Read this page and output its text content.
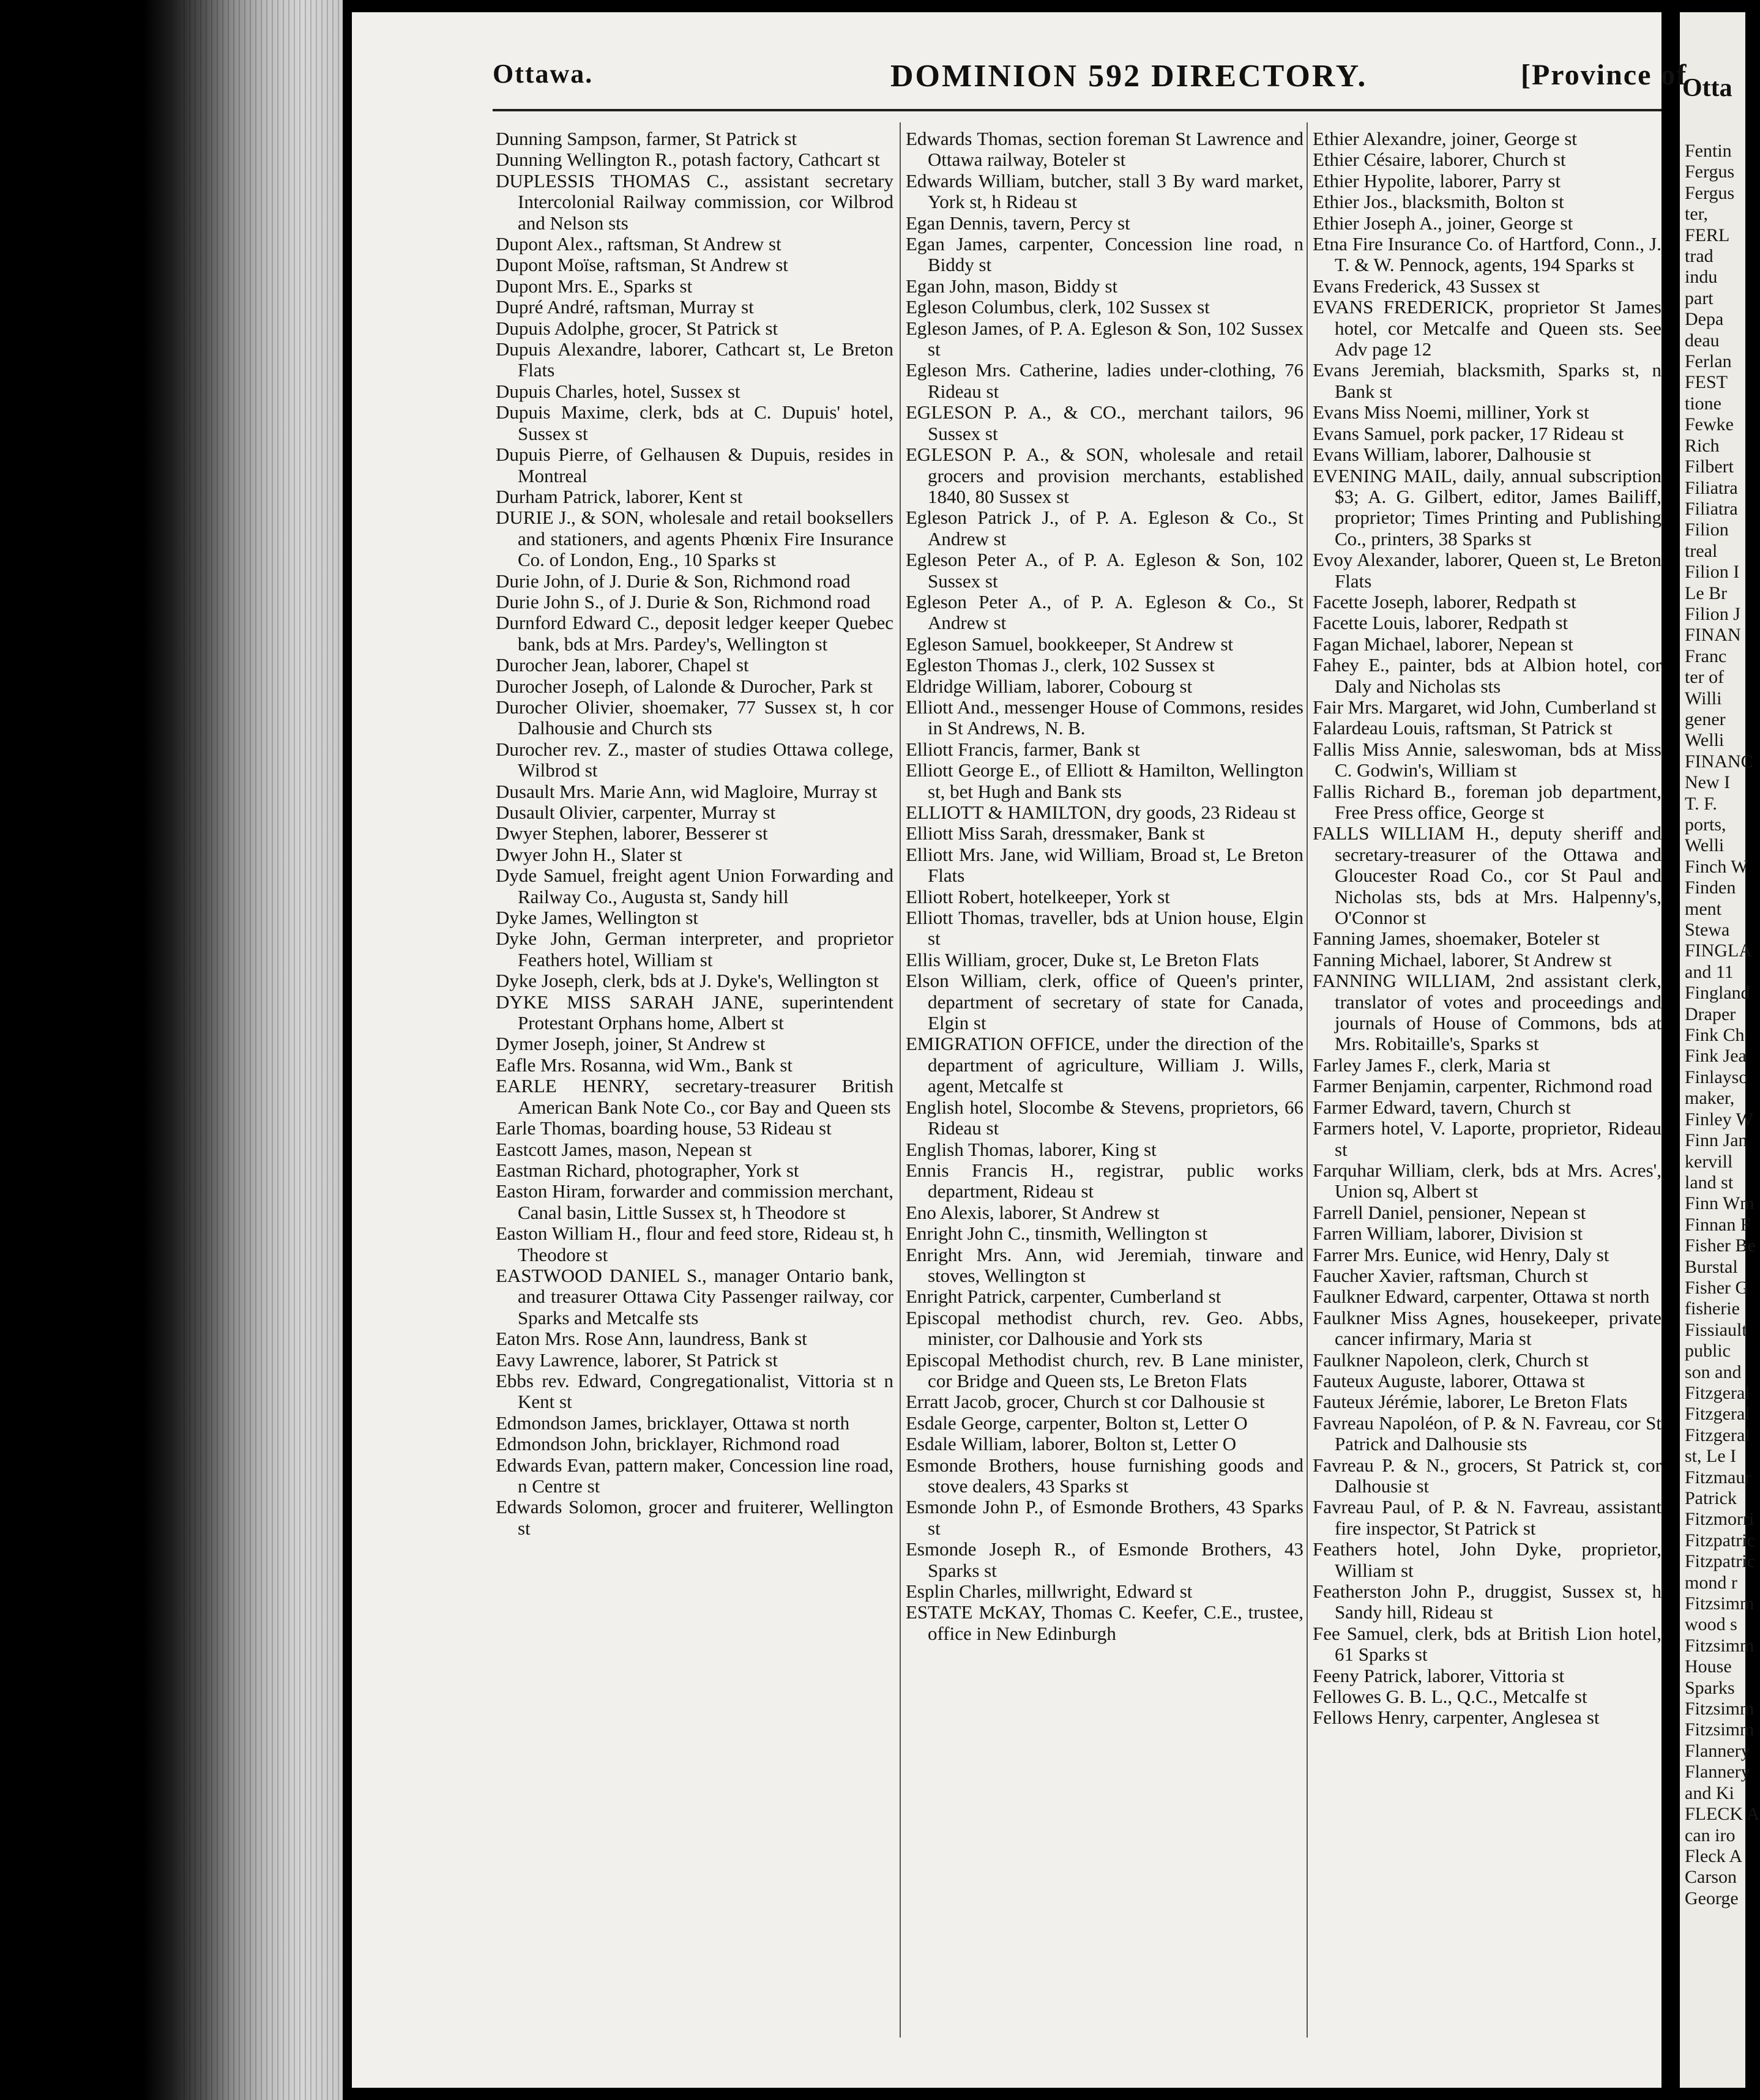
Otta
Fentin
Fergus
Fergus
ter,
FERL
trad
indu
part
Depa
deau
Ferlan
FEST
tione
Fewke
Rich
Filbert
Filiatra
Filiatra
Filion
treal
Filion I
Le Br
Filion J
FINAN
Franc
ter of
Willi
gener
Welli
FINANC
New I
T. F.
ports,
Welli
Finch W
Finden
ment
Stewa
FINGLA
and 11
Fingland
Draper
Fink Ch
Fink Jea
Finlayso
maker,
Finley W
Finn Jan
kervill
land st
Finn Wm
Finnan F
Fisher Be
Burstal
Fisher G
fisherie
Fissiault
public
son and
Fitzgeral
Fitzgeral
Fitzgeral
st, Le I
Fitzmaur
Patrick
Fitzmorri
Fitzpatric
Fitzpatric
mond r
Fitzsimm
wood s
Fitzsimm
House
Sparks
Fitzsimm
Fitzsimm
Flannery
Flannery
and Ki
FLECK A
can iro
Fleck A
Carson
George
Ottawa.	DOMINION 592 DIRECTORY.	[Province of

Dunning Sampson, farmer, St Patrick st

Dunning Wellington R., potash factory, Cathcart st

DUPLESSIS THOMAS C., assistant secretary Intercolonial Railway commission, cor Wilbrod and Nelson sts

Dupont Alex., raftsman, St Andrew st

Dupont Moïse, raftsman, St Andrew st

Dupont Mrs. E., Sparks st

Dupré André, raftsman, Murray st

Dupuis Adolphe, grocer, St Patrick st

Dupuis Alexandre, laborer, Cathcart st, Le Breton Flats

Dupuis Charles, hotel, Sussex st

Dupuis Maxime, clerk, bds at C. Dupuis' hotel, Sussex st

Dupuis Pierre, of Gelhausen & Dupuis, resides in Montreal

Durham Patrick, laborer, Kent st

DURIE J., & SON, wholesale and retail booksellers and stationers, and agents Phœnix Fire Insurance Co. of London, Eng., 10 Sparks st

Durie John, of J. Durie & Son, Richmond road

Durie John S., of J. Durie & Son, Richmond road

Durnford Edward C., deposit ledger keeper Quebec bank, bds at Mrs. Pardey's, Wellington st

Durocher Jean, laborer, Chapel st

Durocher Joseph, of Lalonde & Durocher, Park st

Durocher Olivier, shoemaker, 77 Sussex st, h cor Dalhousie and Church sts

Durocher rev. Z., master of studies Ottawa college, Wilbrod st

Dusault Mrs. Marie Ann, wid Magloire, Murray st

Dusault Olivier, carpenter, Murray st

Dwyer Stephen, laborer, Besserer st

Dwyer John H., Slater st

Dyde Samuel, freight agent Union Forwarding and Railway Co., Augusta st, Sandy hill

Dyke James, Wellington st

Dyke John, German interpreter, and proprietor Feathers hotel, William st

Dyke Joseph, clerk, bds at J. Dyke's, Wellington st

DYKE MISS SARAH JANE, superintendent Protestant Orphans home, Albert st

Dymer Joseph, joiner, St Andrew st

Eafle Mrs. Rosanna, wid Wm., Bank st

EARLE HENRY, secretary-treasurer British American Bank Note Co., cor Bay and Queen sts

Earle Thomas, boarding house, 53 Rideau st

Eastcott James, mason, Nepean st

Eastman Richard, photographer, York st

Easton Hiram, forwarder and commission merchant, Canal basin, Little Sussex st, h Theodore st

Easton William H., flour and feed store, Rideau st, h Theodore st

EASTWOOD DANIEL S., manager Ontario bank, and treasurer Ottawa City Passenger railway, cor Sparks and Metcalfe sts

Eaton Mrs. Rose Ann, laundress, Bank st

Eavy Lawrence, laborer, St Patrick st

Ebbs rev. Edward, Congregationalist, Vittoria st n Kent st

Edmondson James, bricklayer, Ottawa st north

Edmondson John, bricklayer, Richmond road

Edwards Evan, pattern maker, Concession line road, n Centre st

Edwards Solomon, grocer and fruiterer, Wellington st

Edwards Thomas, section foreman St Lawrence and Ottawa railway, Boteler st

Edwards William, butcher, stall 3 By ward market, York st, h Rideau st

Egan Dennis, tavern, Percy st

Egan James, carpenter, Concession line road, n Biddy st

Egan John, mason, Biddy st

Egleson Columbus, clerk, 102 Sussex st

Egleson James, of P. A. Egleson & Son, 102 Sussex st

Egleson Mrs. Catherine, ladies under-clothing, 76 Rideau st

EGLESON P. A., & CO., merchant tailors, 96 Sussex st

EGLESON P. A., & SON, wholesale and retail grocers and provision merchants, established 1840, 80 Sussex st

Egleson Patrick J., of P. A. Egleson & Co., St Andrew st

Egleson Peter A., of P. A. Egleson & Son, 102 Sussex st

Egleson Peter A., of P. A. Egleson & Co., St Andrew st

Egleson Samuel, bookkeeper, St Andrew st

Egleston Thomas J., clerk, 102 Sussex st

Eldridge William, laborer, Cobourg st

Elliott And., messenger House of Commons, resides in St Andrews, N. B.

Elliott Francis, farmer, Bank st

Elliott George E., of Elliott & Hamilton, Wellington st, bet Hugh and Bank sts

ELLIOTT & HAMILTON, dry goods, 23 Rideau st

Elliott Miss Sarah, dressmaker, Bank st

Elliott Mrs. Jane, wid William, Broad st, Le Breton Flats

Elliott Robert, hotelkeeper, York st

Elliott Thomas, traveller, bds at Union house, Elgin st

Ellis William, grocer, Duke st, Le Breton Flats

Elson William, clerk, office of Queen's printer, department of secretary of state for Canada, Elgin st

EMIGRATION OFFICE, under the direction of the department of agriculture, William J. Wills, agent, Metcalfe st

English hotel, Slocombe & Stevens, proprietors, 66 Rideau st

English Thomas, laborer, King st

Ennis Francis H., registrar, public works department, Rideau st

Eno Alexis, laborer, St Andrew st

Enright John C., tinsmith, Wellington st

Enright Mrs. Ann, wid Jeremiah, tinware and stoves, Wellington st

Enright Patrick, carpenter, Cumberland st

Episcopal methodist church, rev. Geo. Abbs, minister, cor Dalhousie and York sts

Episcopal Methodist church, rev. B Lane minister, cor Bridge and Queen sts, Le Breton Flats

Erratt Jacob, grocer, Church st cor Dalhousie st

Esdale George, carpenter, Bolton st, Letter O

Esdale William, laborer, Bolton st, Letter O

Esmonde Brothers, house furnishing goods and stove dealers, 43 Sparks st

Esmonde John P., of Esmonde Brothers, 43 Sparks st

Esmonde Joseph R., of Esmonde Brothers, 43 Sparks st

Esplin Charles, millwright, Edward st

ESTATE McKAY, Thomas C. Keefer, C.E., trustee, office in New Edinburgh

Ethier Alexandre, joiner, George st

Ethier Césaire, laborer, Church st

Ethier Hypolite, laborer, Parry st

Ethier Jos., blacksmith, Bolton st

Ethier Joseph A., joiner, George st

Etna Fire Insurance Co. of Hartford, Conn., J. T. & W. Pennock, agents, 194 Sparks st

Evans Frederick, 43 Sussex st

EVANS FREDERICK, proprietor St James hotel, cor Metcalfe and Queen sts. See Adv page 12

Evans Jeremiah, blacksmith, Sparks st, n Bank st

Evans Miss Noemi, milliner, York st

Evans Samuel, pork packer, 17 Rideau st

Evans William, laborer, Dalhousie st

EVENING MAIL, daily, annual subscription $3; A. G. Gilbert, editor, James Bailiff, proprietor; Times Printing and Publishing Co., printers, 38 Sparks st

Evoy Alexander, laborer, Queen st, Le Breton Flats

Facette Joseph, laborer, Redpath st

Facette Louis, laborer, Redpath st

Fagan Michael, laborer, Nepean st

Fahey E., painter, bds at Albion hotel, cor Daly and Nicholas sts

Fair Mrs. Margaret, wid John, Cumberland st

Falardeau Louis, raftsman, St Patrick st

Fallis Miss Annie, saleswoman, bds at Miss C. Godwin's, William st

Fallis Richard B., foreman job department, Free Press office, George st

FALLS WILLIAM H., deputy sheriff and secretary-treasurer of the Ottawa and Gloucester Road Co., cor St Paul and Nicholas sts, bds at Mrs. Halpenny's, O'Connor st

Fanning James, shoemaker, Boteler st

Fanning Michael, laborer, St Andrew st

FANNING WILLIAM, 2nd assistant clerk, translator of votes and proceedings and journals of House of Commons, bds at Mrs. Robitaille's, Sparks st

Farley James F., clerk, Maria st

Farmer Benjamin, carpenter, Richmond road

Farmer Edward, tavern, Church st

Farmers hotel, V. Laporte, proprietor, Rideau st

Farquhar William, clerk, bds at Mrs. Acres', Union sq, Albert st

Farrell Daniel, pensioner, Nepean st

Farren William, laborer, Division st

Farrer Mrs. Eunice, wid Henry, Daly st

Faucher Xavier, raftsman, Church st

Faulkner Edward, carpenter, Ottawa st north

Faulkner Miss Agnes, housekeeper, private cancer infirmary, Maria st

Faulkner Napoleon, clerk, Church st

Fauteux Auguste, laborer, Ottawa st

Fauteux Jérémie, laborer, Le Breton Flats

Favreau Napoléon, of P. & N. Favreau, cor St Patrick and Dalhousie sts

Favreau P. & N., grocers, St Patrick st, cor Dalhousie st

Favreau Paul, of P. & N. Favreau, assistant fire inspector, St Patrick st

Feathers hotel, John Dyke, proprietor, William st

Featherston John P., druggist, Sussex st, h Sandy hill, Rideau st

Fee Samuel, clerk, bds at British Lion hotel, 61 Sparks st

Feeny Patrick, laborer, Vittoria st

Fellowes G. B. L., Q.C., Metcalfe st

Fellows Henry, carpenter, Anglesea st
